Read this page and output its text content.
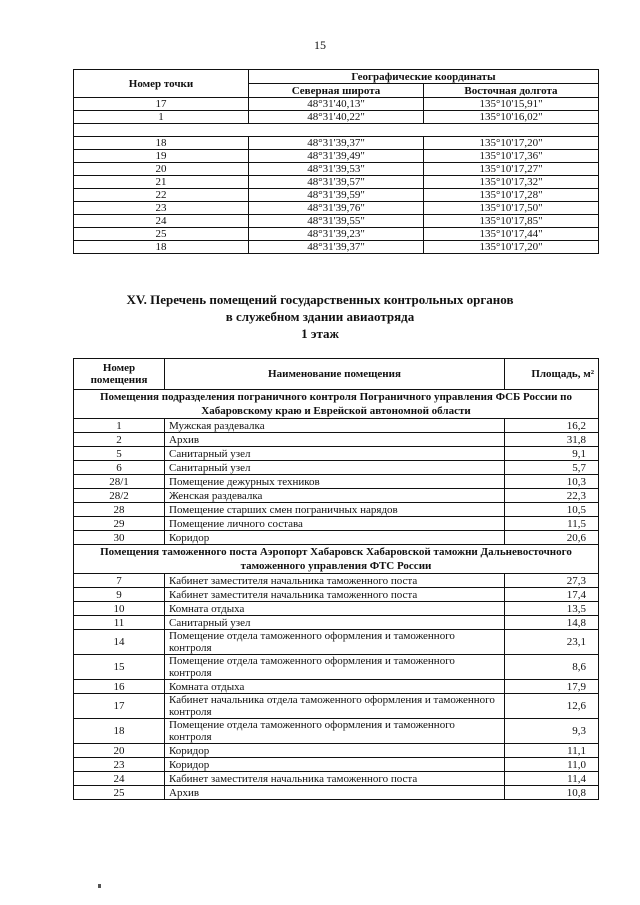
15
Номер точки	Географические координаты	
	Северная широта	Восточная долгота
17	48°31'40,13"	135°10'15,91"
1	48°31'40,22"	135°10'16,02"

18	48°31'39,37"	135°10'17,20"
19	48°31'39,49"	135°10'17,36"
20	48°31'39,53"	135°10'17,27"
21	48°31'39,57"	135°10'17,32"
22	48°31'39,59"	135°10'17,28"
23	48°31'39,76"	135°10'17,50"
24	48°31'39,55"	135°10'17,85"
25	48°31'39,23"	135°10'17,44"
18	48°31'39,37"	135°10'17,20"
XV. Перечень помещений государственных контрольных органов
в служебном здании авиаотряда
1 этаж
Номер помещения	Наименование помещения	Площадь, м²
Помещения подразделения пограничного контроля Пограничного управления ФСБ России по Хабаровскому краю и Еврейской автономной области		
1	Мужская раздевалка	16,2
2	Архив	31,8
5	Санитарный узел	9,1
6	Санитарный узел	5,7
28/1	Помещение дежурных техников	10,3
28/2	Женская раздевалка	22,3
28	Помещение старших смен пограничных нарядов	10,5
29	Помещение личного состава	11,5
30	Коридор	20,6
Помещения таможенного поста Аэропорт Хабаровск Хабаровской таможни Дальневосточного таможенного управления ФТС России		
7	Кабинет заместителя начальника таможенного поста	27,3
9	Кабинет заместителя начальника таможенного поста	17,4
10	Комната отдыха	13,5
11	Санитарный узел	14,8
14	Помещение отдела таможенного оформления и таможенного контроля	23,1
15	Помещение отдела таможенного оформления и таможенного контроля	8,6
16	Комната отдыха	17,9
17	Кабинет начальника отдела таможенного оформления и таможенного контроля	12,6
18	Помещение отдела таможенного оформления и таможенного контроля	9,3
20	Коридор	11,1
23	Коридор	11,0
24	Кабинет заместителя начальника таможенного поста	11,4
25	Архив	10,8
